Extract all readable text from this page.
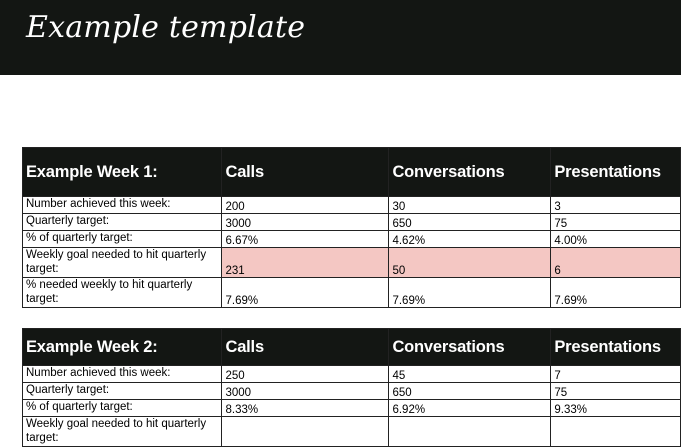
Example template
Example Week 1:	Calls	Conversations	Presentations
Number achieved this week:	200	30	3
Quarterly target:	3000	650	75
% of quarterly target:	6.67%	4.62%	4.00%
Weekly goal needed to hit quarterly target:	231	50	6
% needed weekly to hit quarterly target:	7.69%	7.69%	7.69%
Example Week 2:	Calls	Conversations	Presentations
Number achieved this week:	250	45	7
Quarterly target:	3000	650	75
% of quarterly target:	8.33%	6.92%	9.33%
Weekly goal needed to hit quarterly target:			
